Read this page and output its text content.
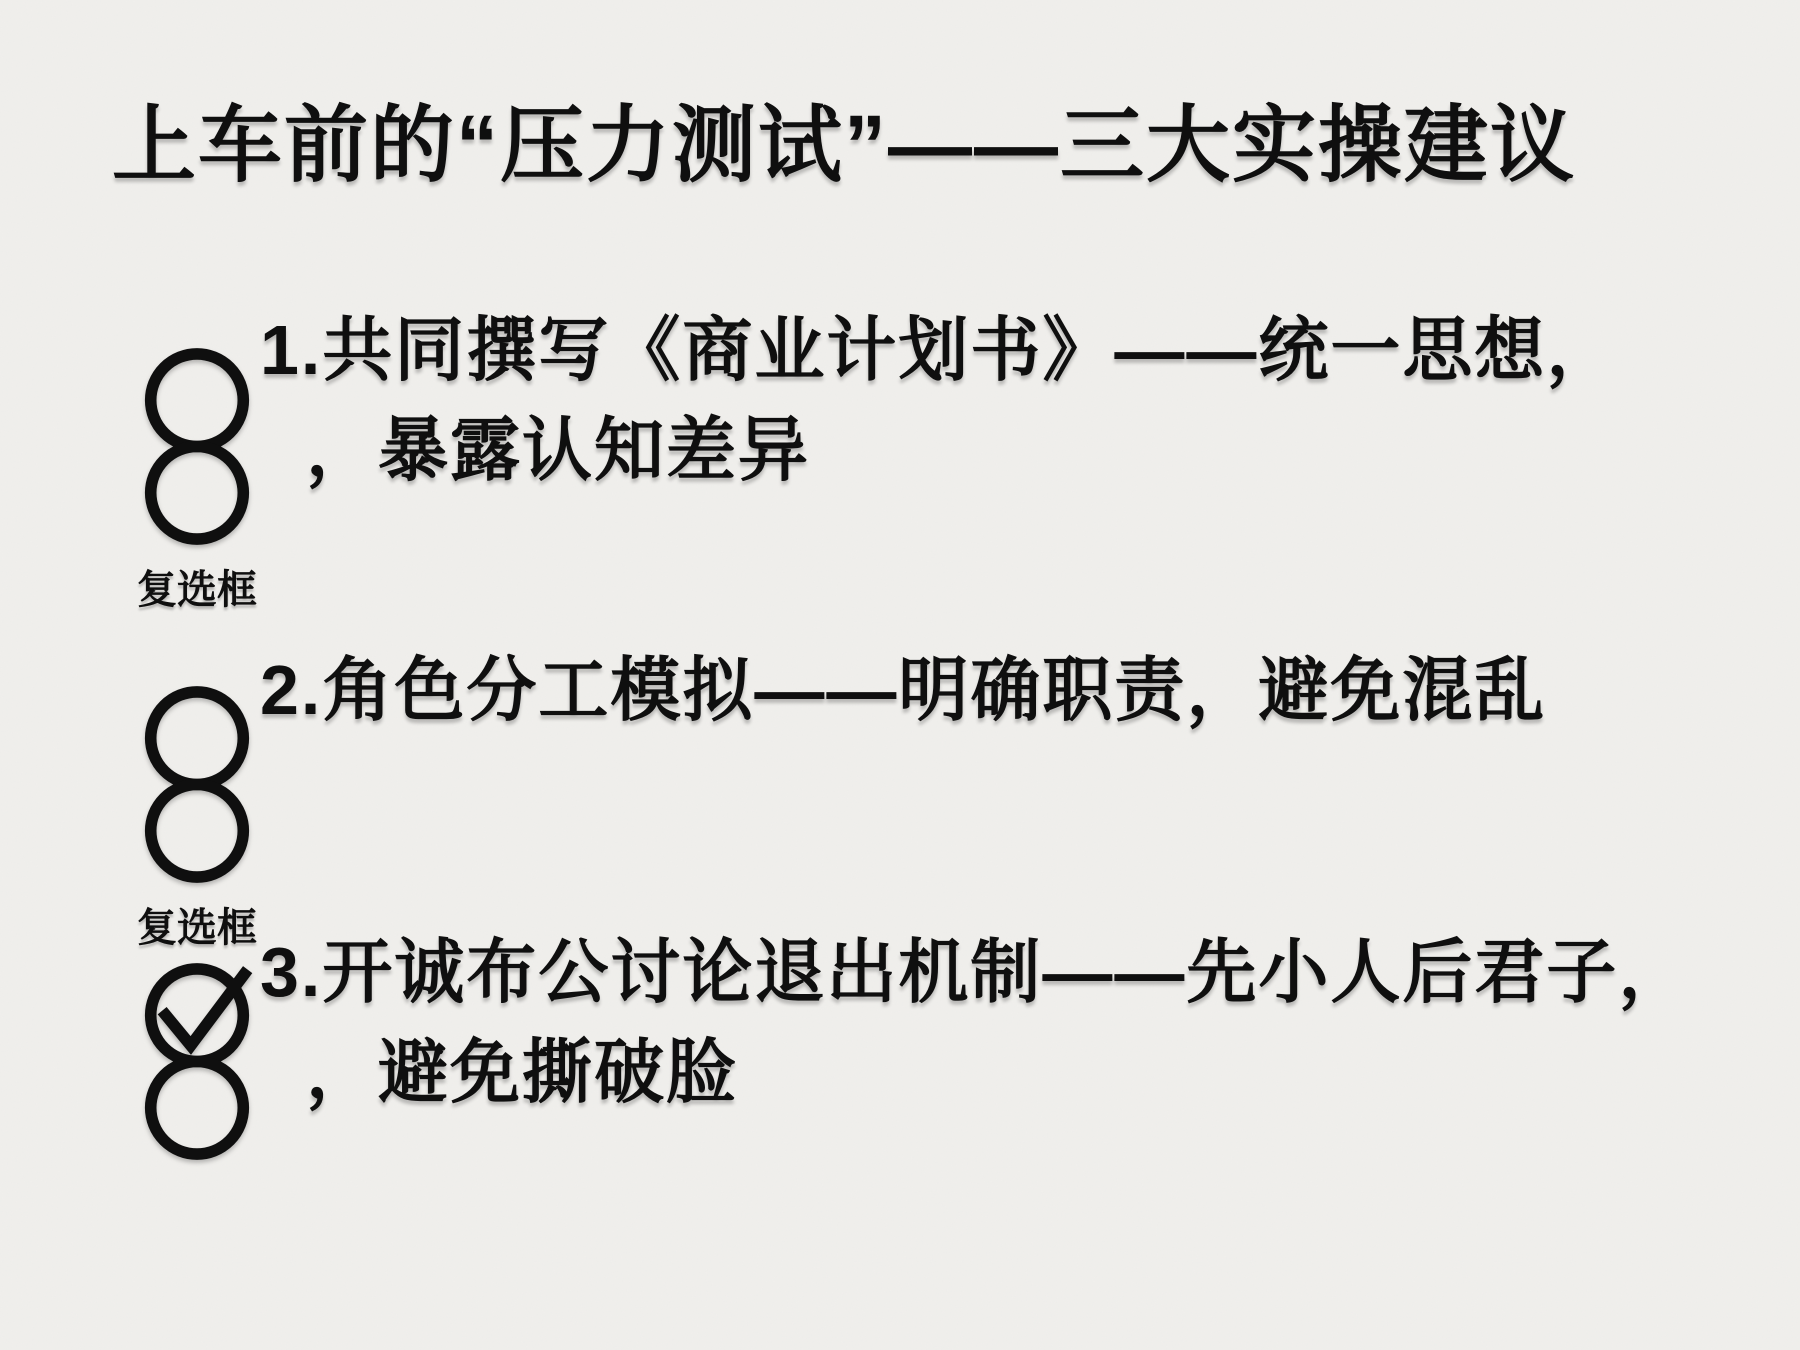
上车前的“压力测试”——三大实操建议
复选框
1.共同撰写《商业计划书》——统一思想，
，暴露认知差异
复选框
2.角色分工模拟——明确职责，避免混乱
3.开诚布公讨论退出机制——先小人后君子，
，避免撕破脸
